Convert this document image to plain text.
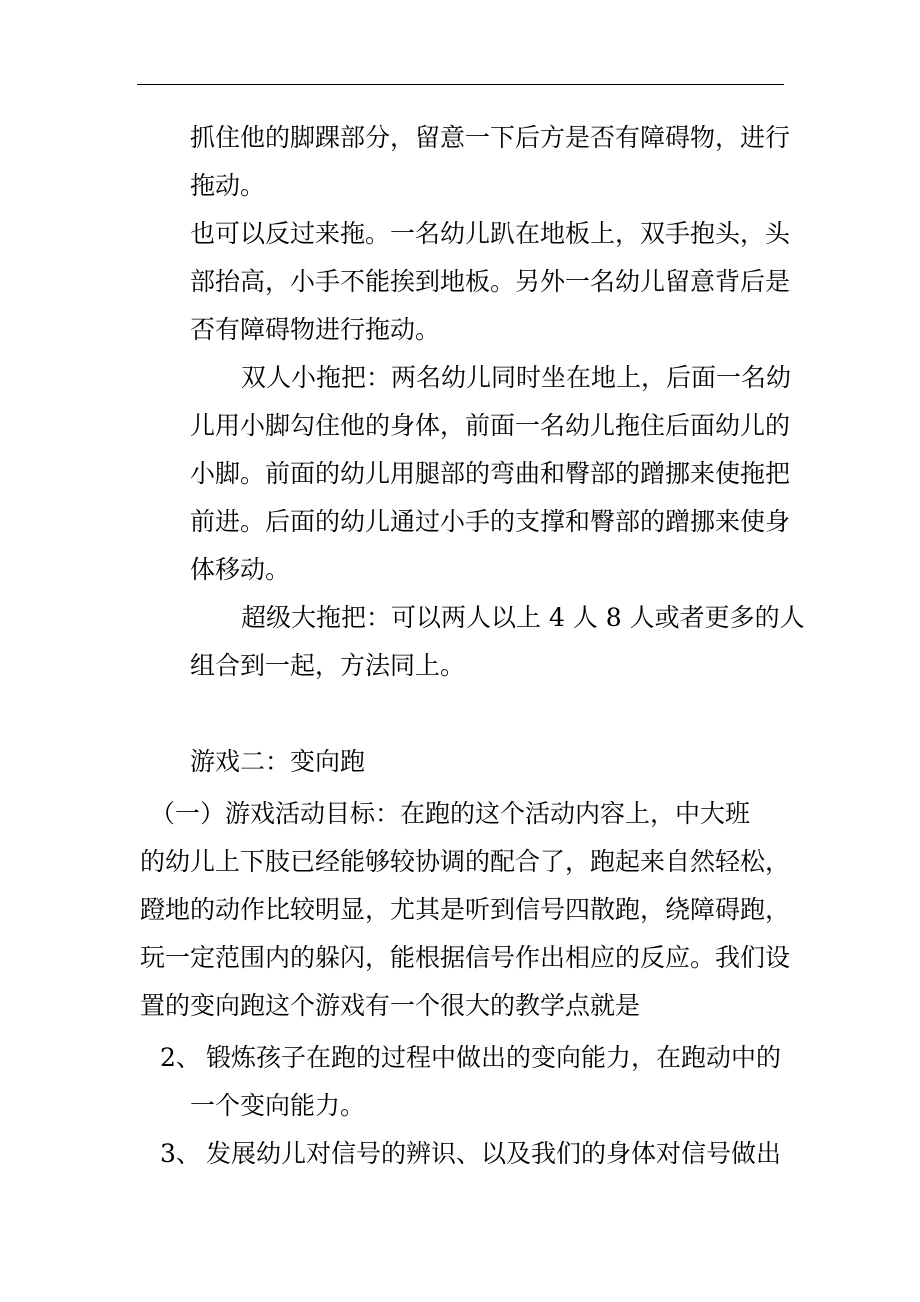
抓住他的脚踝部分，留意一下后方是否有障碍物，进行
拖动。
也可以反过来拖。一名幼儿趴在地板上，双手抱头，头
部抬高，小手不能挨到地板。另外一名幼儿留意背后是
否有障碍物进行拖动。
双人小拖把：两名幼儿同时坐在地上，后面一名幼
儿用小脚勾住他的身体，前面一名幼儿拖住后面幼儿的
小脚。前面的幼儿用腿部的弯曲和臀部的蹭挪来使拖把
前进。后面的幼儿通过小手的支撑和臀部的蹭挪来使身
体移动。
超级大拖把：可以两人以上 4 人 8 人或者更多的人
组合到一起，方法同上。
游戏二：变向跑
（一）游戏活动目标：在跑的这个活动内容上，中大班
的幼儿上下肢已经能够较协调的配合了，跑起来自然轻松，
蹬地的动作比较明显，尤其是听到信号四散跑，绕障碍跑，
玩一定范围内的躲闪，能根据信号作出相应的反应。我们设
置的变向跑这个游戏有一个很大的教学点就是
2、 锻炼孩子在跑的过程中做出的变向能力，在跑动中的
一个变向能力。
3、 发展幼儿对信号的辨识、以及我们的身体对信号做出
